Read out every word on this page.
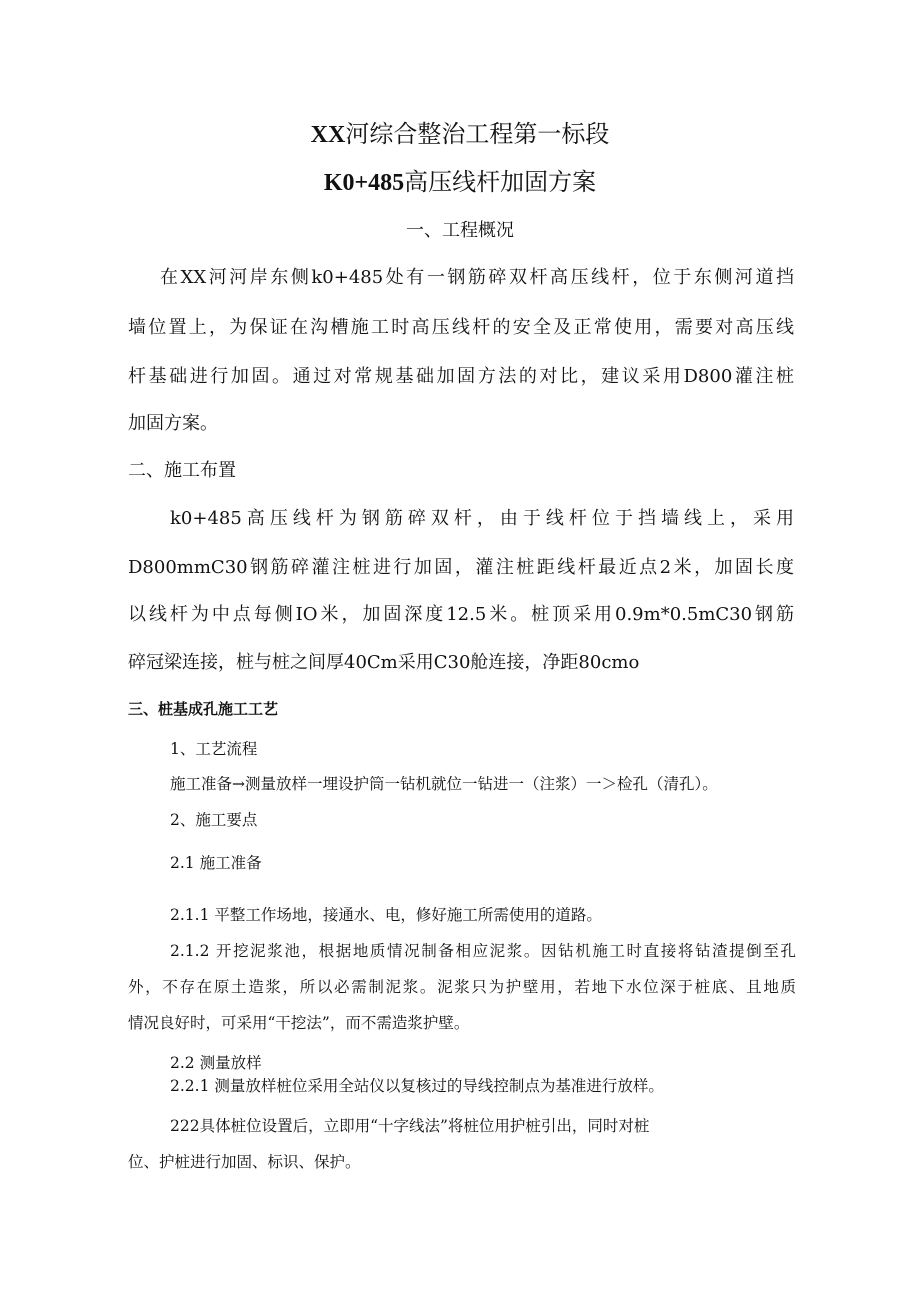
XX河综合整治工程第一标段

K0+485高压线杆加固方案

一、工程概况

在XX河河岸东侧k0+485处有一钢筋碎双杆高压线杆，位于东侧河道挡

墙位置上，为保证在沟槽施工时高压线杆的安全及正常使用，需要对高压线

杆基础进行加固。通过对常规基础加固方法的对比，建议采用D800灌注桩

加固方案。

二、施工布置

k0+485高压线杆为钢筋碎双杆，由于线杆位于挡墙线上，采用

D800mmC30钢筋碎灌注桩进行加固，灌注桩距线杆最近点2米，加固长度

以线杆为中点每侧IO米，加固深度12.5米。桩顶采用0.9m*0.5mC30钢筋

碎冠梁连接，桩与桩之间厚40Cm采用C30舱连接，净距80cmo

三、桩基成孔施工工艺

1、工艺流程

施工准备→测量放样一埋设护筒一钻机就位一钻进一（注浆）一＞检孔（清孔）。

2、施工要点

2.1 施工准备

2.1.1 平整工作场地，接通水、电，修好施工所需使用的道路。

2.1.2 开挖泥浆池，根据地质情况制备相应泥浆。因钻机施工时直接将钻渣提倒至孔

外，不存在原土造浆，所以必需制泥浆。泥浆只为护壁用，若地下水位深于桩底、且地质

情况良好时，可采用“干挖法”，而不需造浆护壁。

2.2 测量放样

2.2.1 测量放样桩位采用全站仪以复核过的导线控制点为基准进行放样。

222具体桩位设置后，立即用“十字线法”将桩位用护桩引出，同时对桩

位、护桩进行加固、标识、保护。
